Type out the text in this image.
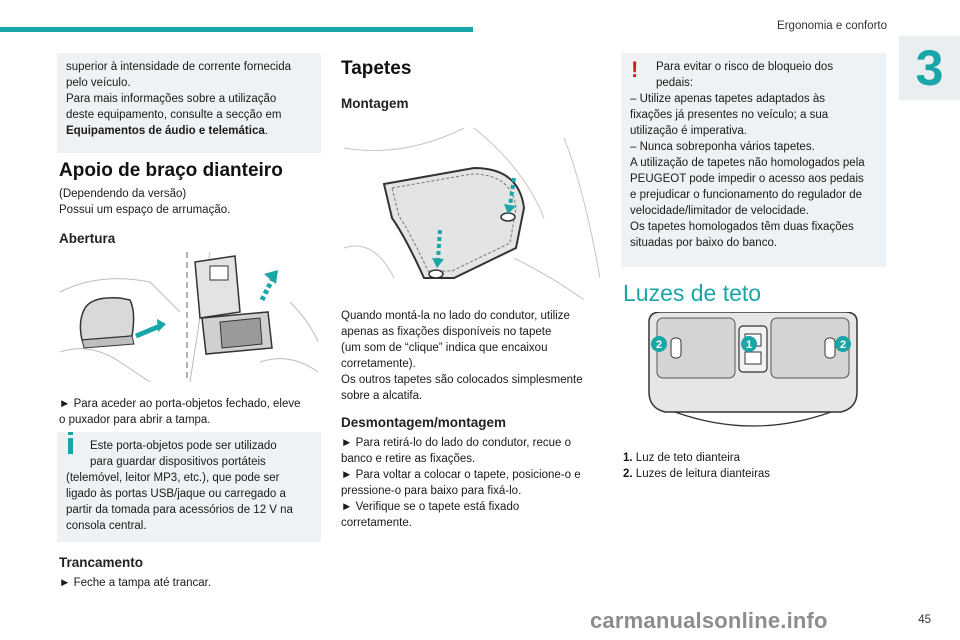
Ergonomia e conforto
3

superior à intensidade de corrente fornecida

pelo veículo.

Para mais informações sobre a utilização

deste equipamento, consulte a secção em

Equipamentos de áudio e telemática.

Apoio de braço dianteiro

(Dependendo da versão)

Possui um espaço de arrumação.

Abertura

► Para aceder ao porta-objetos fechado, eleve

o puxador para abrir a tampa.

Este porta-objetos pode ser utilizado

para guardar dispositivos portáteis

(telemóvel, leitor MP3, etc.), que pode ser

ligado às portas USB/jaque ou carregado a

partir da tomada para acessórios de 12 V na

consola central.

Trancamento

► Feche a tampa até trancar.

Tapetes
Montagem

Quando montá-la no lado do condutor, utilize

apenas as fixações disponíveis no tapete

(um som de “clique” indica que encaixou

corretamente).

Os outros tapetes são colocados simplesmente

sobre a alcatifa.

Desmontagem/montagem

► Para retirá-lo do lado do condutor, recue o

banco e retire as fixações.

► Para voltar a colocar o tapete, posicione-o e

pressione-o para baixo para fixá-lo.

► Verifique se o tapete está fixado

corretamente.

!	Para evitar o risco de bloqueio dos

pedais:

– Utilize apenas tapetes adaptados às

fixações já presentes no veículo; a sua

utilização é imperativa.

– Nunca sobreponha vários tapetes.

A utilização de tapetes não homologados pela

PEUGEOT pode impedir o acesso aos pedais

e prejudicar o funcionamento do regulador de

velocidade/limitador de velocidade.

Os tapetes homologados têm duas fixações

situadas por baixo do banco.

Luzes de teto
2	1	2

1. Luz de teto dianteira

2. Luzes de leitura dianteiras

carmanualsonline.info	45
